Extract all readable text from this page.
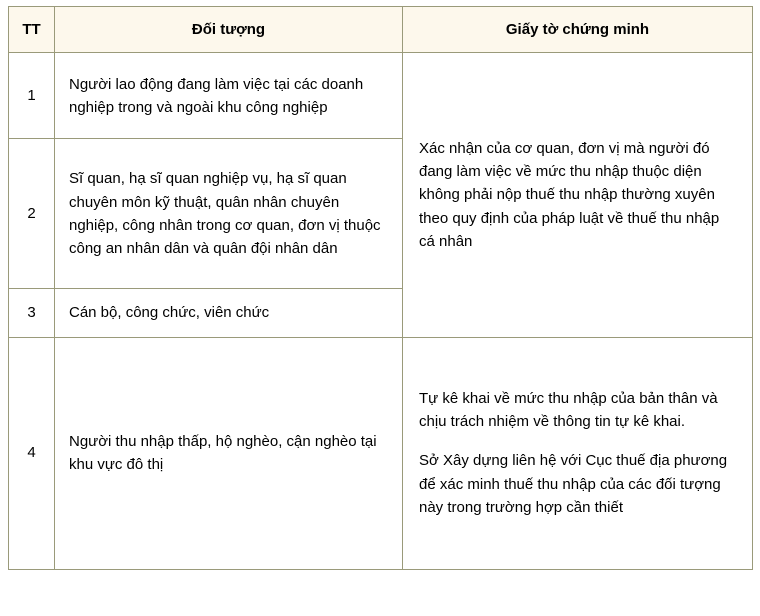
TT	Đối tượng	Giấy tờ chứng minh
1	Người lao động đang làm việc tại các doanh nghiệp trong và ngoài khu công nghiệp	Xác nhận của cơ quan, đơn vị mà người đó đang làm việc về mức thu nhập thuộc diện không phải nộp thuế thu nhập thường xuyên theo quy định của pháp luật về thuế thu nhập cá nhân
2	Sĩ quan, hạ sĩ quan nghiệp vụ, hạ sĩ quan chuyên môn kỹ thuật, quân nhân chuyên nghiệp, công nhân trong cơ quan, đơn vị thuộc công an nhân dân và quân đội nhân dân	
3	Cán bộ, công chức, viên chức	
4	Người thu nhập thấp, hộ nghèo, cận nghèo tại khu vực đô thị	Tự kê khai về mức thu nhập của bản thân và chịu trách nhiệm về thông tin tự kê khai.

Sở Xây dựng liên hệ với Cục thuế địa phương để xác minh thuế thu nhập của các đối tượng này trong trường hợp cần thiết
